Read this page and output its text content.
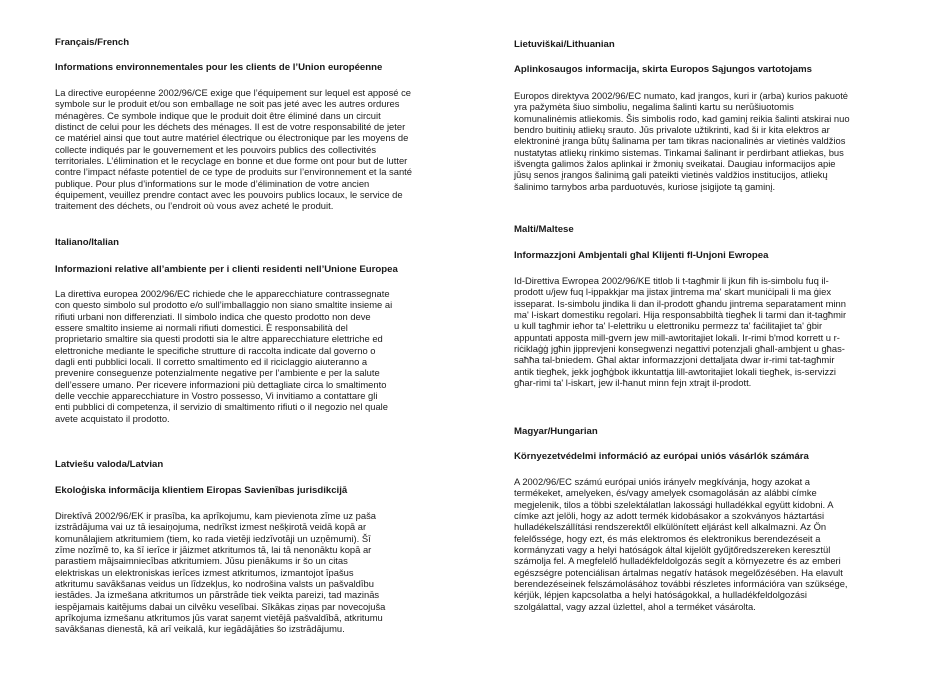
Français/French

Informations environnementales pour les clients de l’Union européenne

La directive européenne 2002/96/CE exige que l’équipement sur lequel est apposé ce
symbole sur le produit et/ou son emballage ne soit pas jeté avec les autres ordures
ménagères. Ce symbole indique que le produit doit être éliminé dans un circuit
distinct de celui pour les déchets des ménages. Il est de votre responsabilité de jeter
ce matériel ainsi que tout autre matériel électrique ou électronique par les moyens de
collecte indiqués par le gouvernement et les pouvoirs publics des collectivités
territoriales. L’élimination et le recyclage en bonne et due forme ont pour but de lutter
contre l’impact néfaste potentiel de ce type de produits sur l’environnement et la santé
publique. Pour plus d’informations sur le mode d’élimination de votre ancien
équipement, veuillez prendre contact avec les pouvoirs publics locaux, le service de
traitement des déchets, ou l’endroit où vous avez acheté le produit.

Italiano/Italian

Informazioni relative all’ambiente per i clienti residenti nell’Unione Europea

La direttiva europea 2002/96/EC richiede che le apparecchiature contrassegnate
con questo simbolo sul prodotto e/o sull’imballaggio non siano smaltite insieme ai
rifiuti urbani non differenziati. Il simbolo indica che questo prodotto non deve
essere smaltito insieme ai normali rifiuti domestici. È responsabilità del
proprietario smaltire sia questi prodotti sia le altre apparecchiature elettriche ed
elettroniche mediante le specifiche strutture di raccolta indicate dal governo o
dagli enti pubblici locali. Il corretto smaltimento ed il riciclaggio aiuteranno a
prevenire conseguenze potenzialmente negative per l’ambiente e per la salute
dell’essere umano. Per ricevere informazioni più dettagliate circa lo smaltimento
delle vecchie apparecchiature in Vostro possesso, Vi invitiamo a contattare gli
enti pubblici di competenza, il servizio di smaltimento rifiuti o il negozio nel quale
avete acquistato il prodotto.

Latviešu valoda/Latvian

Ekoloģiska informācija klientiem Eiropas Savienības jurisdikcijā

Direktīvā 2002/96/EK ir prasība, ka aprīkojumu, kam pievienota zīme uz paša
izstrādājuma vai uz tā iesaiņojuma, nedrīkst izmest nešķirotā veidā kopā ar
komunālajiem atkritumiem (tiem, ko rada vietēji iedzīvotāji un uzņēmumi). Šī
zīme nozīmē to, ka šī ierīce ir jāizmet atkritumos tā, lai tā nenonāktu kopā ar
parastiem mājsaimniecības atkritumiem. Jūsu pienākums ir šo un citas
elektriskas un elektroniskas ierīces izmest atkritumos, izmantojot īpašus
atkritumu savākšanas veidus un līdzekļus, ko nodrošina valsts un pašvaldību
iestādes. Ja izmešana atkritumos un pārstrāde tiek veikta pareizi, tad mazinās
iespējamais kaitējums dabai un cilvēku veselībai. Sīkākas ziņas par novecojuša
aprīkojuma izmešanu atkritumos jūs varat saņemt vietējā pašvaldībā, atkritumu
savākšanas dienestā, kā arī veikalā, kur iegādājāties šo izstrādājumu.

Lietuviškai/Lithuanian

Aplinkosaugos informacija, skirta Europos Sąjungos vartotojams

Europos direktyva 2002/96/EC numato, kad įrangos, kuri ir (arba) kurios pakuotė
yra pažymėta šiuo simboliu, negalima šalinti kartu su nerūšiuotomis
komunalinėmis atliekomis. Šis simbolis rodo, kad gaminį reikia šalinti atskirai nuo
bendro buitinių atliekų srauto. Jūs privalote užtikrinti, kad ši ir kita elektros ar
elektroninė įranga būtų šalinama per tam tikras nacionalinės ar vietinės valdžios
nustatytas atliekų rinkimo sistemas. Tinkamai šalinant ir perdirbant atliekas, bus
išvengta galimos žalos aplinkai ir žmonių sveikatai. Daugiau informacijos apie
jūsų senos įrangos šalinimą gali pateikti vietinės valdžios institucijos, atliekų
šalinimo tarnybos arba parduotuvės, kuriose įsigijote tą gaminį.

Malti/Maltese

Informazzjoni Ambjentali għal Klijenti fl-Unjoni Ewropea

Id-Direttiva Ewropea 2002/96/KE titlob li t-tagħmir li jkun fih is-simbolu fuq il-
prodott u/jew fuq l-ippakkjar ma jistax jintrema ma' skart muniċipali li ma ġiex
isseparat. Is-simbolu jindika li dan il-prodott għandu jintrema separatament minn
ma' l-iskart domestiku regolari. Hija responsabbiltà tiegħek li tarmi dan it-tagħmir
u kull tagħmir ieħor ta' l-elettriku u elettroniku permezz ta' faċilitajiet ta' ġbir
appuntati apposta mill-gvern jew mill-awtoritajiet lokali. Ir-rimi b'mod korrett u r-
riċiklaġġ jgħin jipprevjeni konsegwenzi negattivi potenzjali għall-ambjent u għas-
saħħa tal-bniedem. Għal aktar informazzjoni dettaljata dwar ir-rimi tat-tagħmir
antik tiegħek, jekk jogħġbok ikkuntattja lill-awtoritajiet lokali tiegħek, is-servizzi
għar-rimi ta' l-iskart, jew il-ħanut minn fejn xtrajt il-prodott.

Magyar/Hungarian

Környezetvédelmi információ az európai uniós vásárlók számára

A 2002/96/EC számú európai uniós irányelv megkívánja, hogy azokat a
termékeket, amelyeken, és/vagy amelyek csomagolásán az alábbi címke
megjelenik, tilos a többi szelektálatlan lakossági hulladékkal együtt kidobni. A
címke azt jelöli, hogy az adott termék kidobásakor a szokványos háztartási
hulladékelszállítási rendszerektől elkülönített eljárást kell alkalmazni. Az Ön
felelőssége, hogy ezt, és más elektromos és elektronikus berendezéseit a
kormányzati vagy a helyi hatóságok által kijelölt gyűjtőredszereken keresztül
számolja fel. A megfelelő hulladékfeldolgozás segít a környezetre és az emberi
egészségre potenciálisan ártalmas negatív hatások megelőzésében. Ha elavult
berendezéseinek felszámolásához további részletes információra van szüksége,
kérjük, lépjen kapcsolatba a helyi hatóságokkal, a hulladékfeldolgozási
szolgálattal, vagy azzal üzlettel, ahol a terméket vásárolta.
